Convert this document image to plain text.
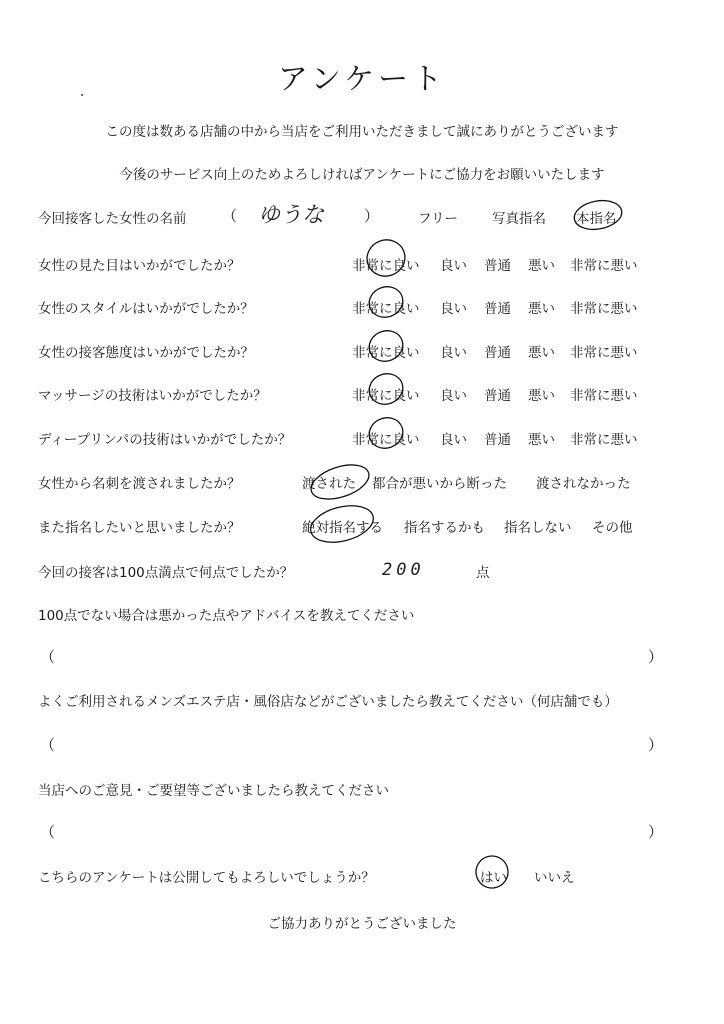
アンケート
この度は数ある店舗の中から当店をご利用いただきまして誠にありがとうございます
今後のサービス向上のためよろしければアンケートにご協力をお願いいたします
今回接客した女性の名前 （ ゆうな	）	フリー	写真指名 本指名
女性の見た目はいかがでしたか？	非常に良い 良い 普通 悪い 非常に悪い
女性のスタイルはいかがでしたか？	非常に良い 良い 普通 悪い 非常に悪い
女性の接客態度はいかがでしたか？	非常に良い 良い 普通 悪い 非常に悪い
マッサージの技術はいかがでしたか？	非常に良い 良い 普通 悪い 非常に悪い
ディープリンパの技術はいかがでしたか？	非常に良い 良い 普通 悪い 非常に悪い
女性から名刺を渡されましたか？	渡された 都合が悪いから断った 渡されなかった
また指名したいと思いましたか？	絶対指名する 指名するかも 指名しない その他
今回の接客は100点満点で何点でしたか？	200	点
100点でない場合は悪かった点やアドバイスを教えてください
（	）
よくご利用されるメンズエステ店・風俗店などがございましたら教えてください（何店舗でも）
（	）
当店へのご意見・ご要望等ございましたら教えてください
（	）
こちらのアンケートは公開してもよろしいでしょうか？	はい いいえ
ご協力ありがとうございました
